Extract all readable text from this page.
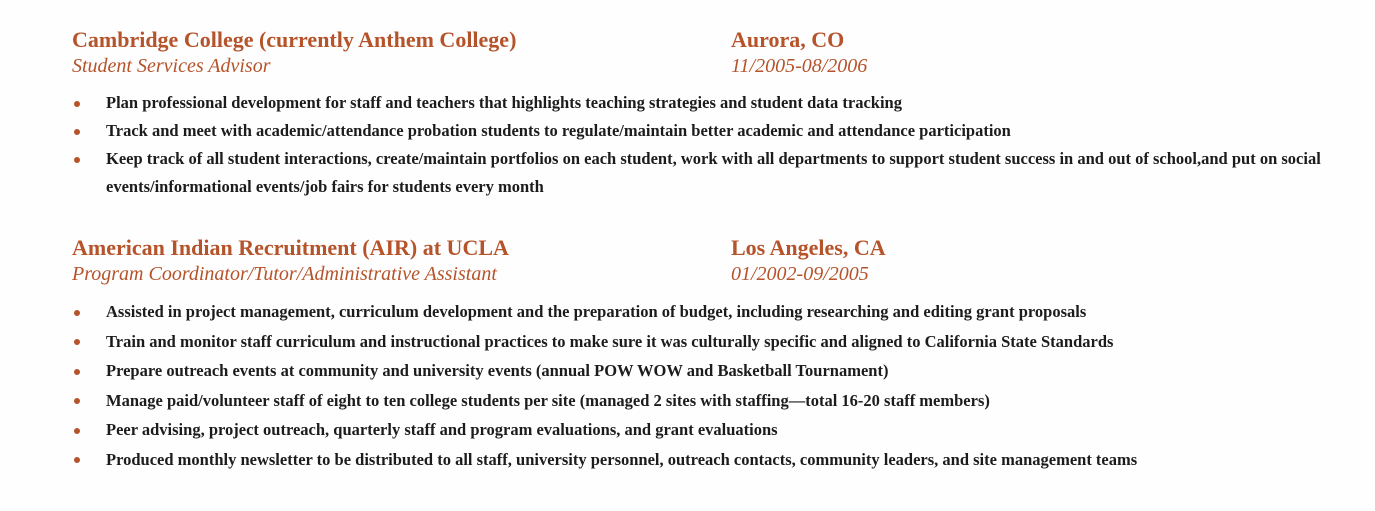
Cambridge College (currently Anthem College)	Aurora, CO
Student Services Advisor	11/2005-08/2006
Plan professional development for staff and teachers that highlights teaching strategies and student data tracking
Track and meet with academic/attendance probation students to regulate/maintain better academic and attendance participation
Keep track of all student interactions, create/maintain portfolios on each student, work with all departments to support student success in and out of school,and put on social events/informational events/job fairs for students every month
American Indian Recruitment (AIR) at UCLA	Los Angeles, CA
Program Coordinator/Tutor/Administrative Assistant	01/2002-09/2005
Assisted in project management, curriculum development and the preparation of budget, including researching and editing grant proposals
Train and monitor staff curriculum and instructional practices to make sure it was culturally specific and aligned to California State Standards
Prepare outreach events at community and university events (annual POW WOW and Basketball Tournament)
Manage paid/volunteer staff of eight to ten college students per site (managed 2 sites with staffing—total 16-20 staff members)
Peer advising, project outreach, quarterly staff and program evaluations, and grant evaluations
Produced monthly newsletter to be distributed to all staff, university personnel, outreach contacts, community leaders, and site management teams
